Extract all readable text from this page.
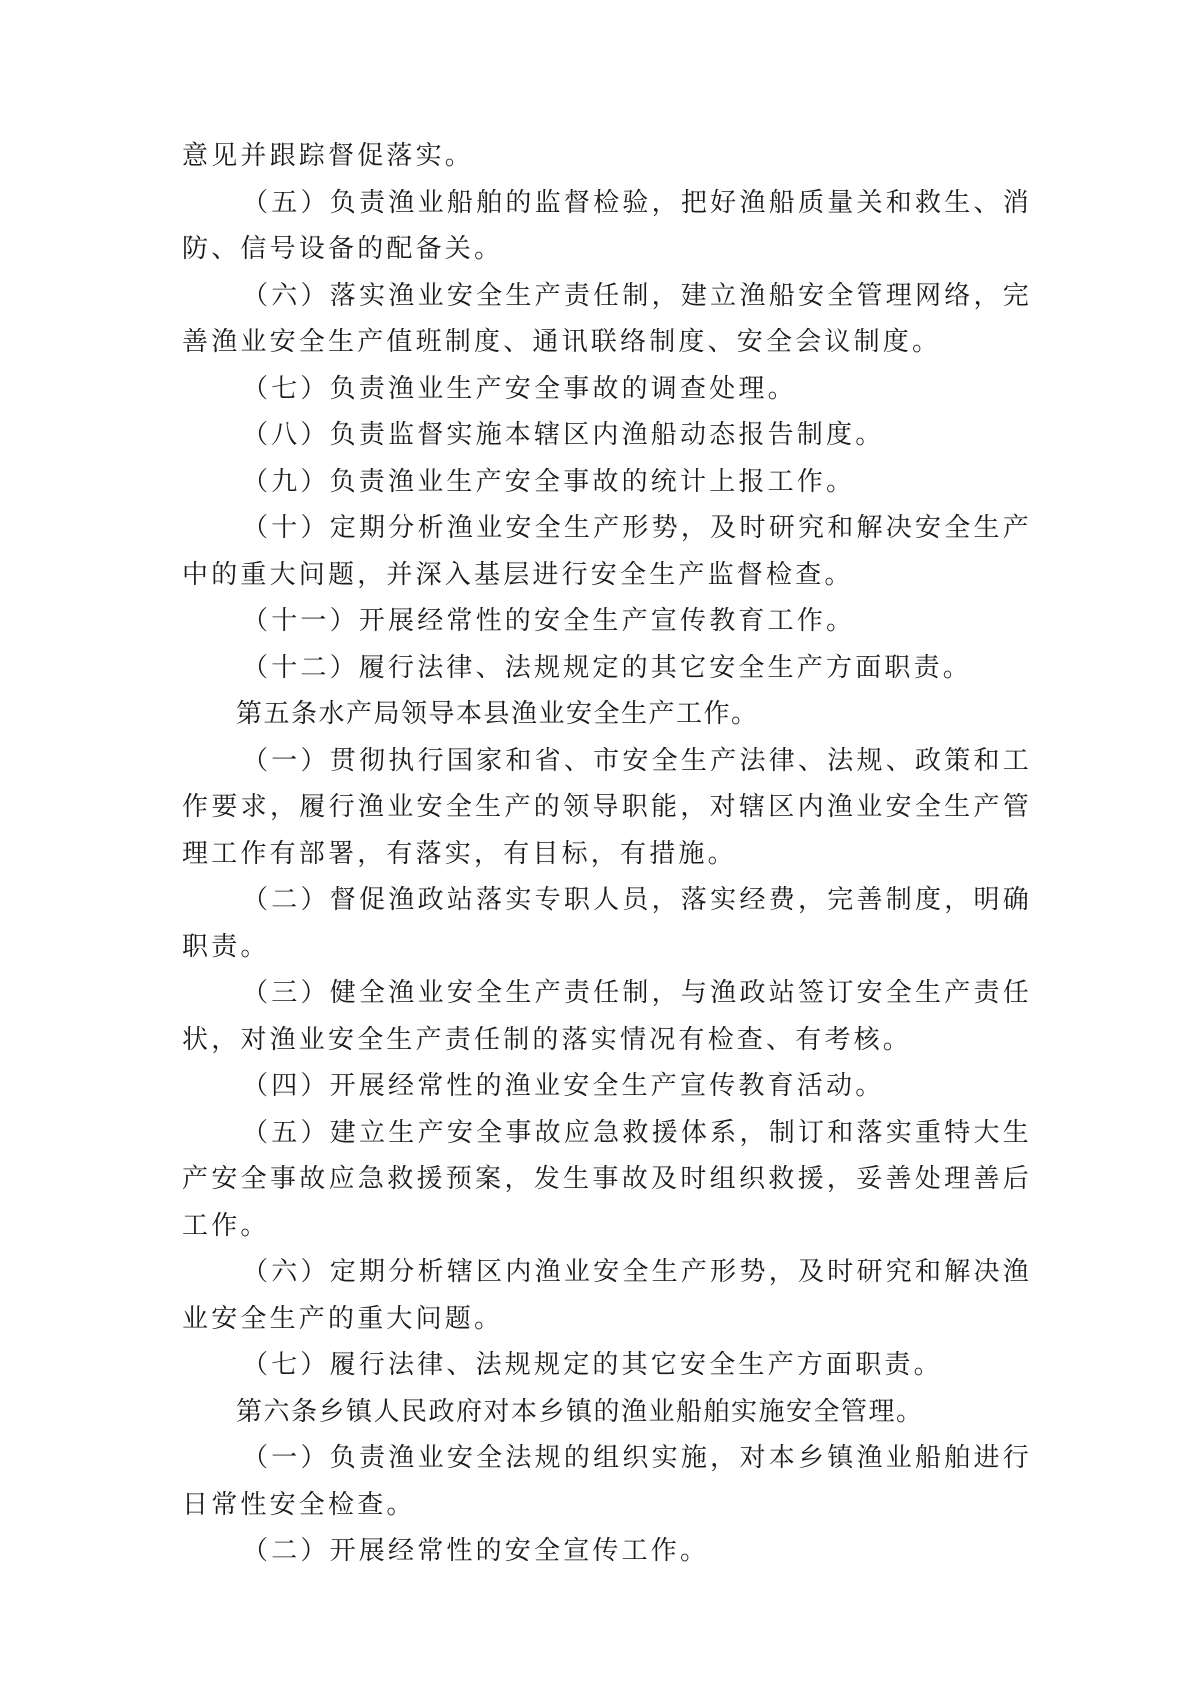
意见并跟踪督促落实。

（五）负责渔业船舶的监督检验，把好渔船质量关和救生、消防、信号设备的配备关。

（六）落实渔业安全生产责任制，建立渔船安全管理网络，完善渔业安全生产值班制度、通讯联络制度、安全会议制度。

（七）负责渔业生产安全事故的调查处理。

（八）负责监督实施本辖区内渔船动态报告制度。

（九）负责渔业生产安全事故的统计上报工作。

（十）定期分析渔业安全生产形势，及时研究和解决安全生产中的重大问题，并深入基层进行安全生产监督检查。

（十一）开展经常性的安全生产宣传教育工作。

（十二）履行法律、法规规定的其它安全生产方面职责。

第五条水产局领导本县渔业安全生产工作。

（一）贯彻执行国家和省、市安全生产法律、法规、政策和工作要求，履行渔业安全生产的领导职能，对辖区内渔业安全生产管理工作有部署，有落实，有目标，有措施。

（二）督促渔政站落实专职人员，落实经费，完善制度，明确职责。

（三）健全渔业安全生产责任制，与渔政站签订安全生产责任状，对渔业安全生产责任制的落实情况有检查、有考核。

（四）开展经常性的渔业安全生产宣传教育活动。

（五）建立生产安全事故应急救援体系，制订和落实重特大生产安全事故应急救援预案，发生事故及时组织救援，妥善处理善后工作。

（六）定期分析辖区内渔业安全生产形势，及时研究和解决渔业安全生产的重大问题。

（七）履行法律、法规规定的其它安全生产方面职责。

第六条乡镇人民政府对本乡镇的渔业船舶实施安全管理。

（一）负责渔业安全法规的组织实施，对本乡镇渔业船舶进行日常性安全检查。

（二）开展经常性的安全宣传工作。
